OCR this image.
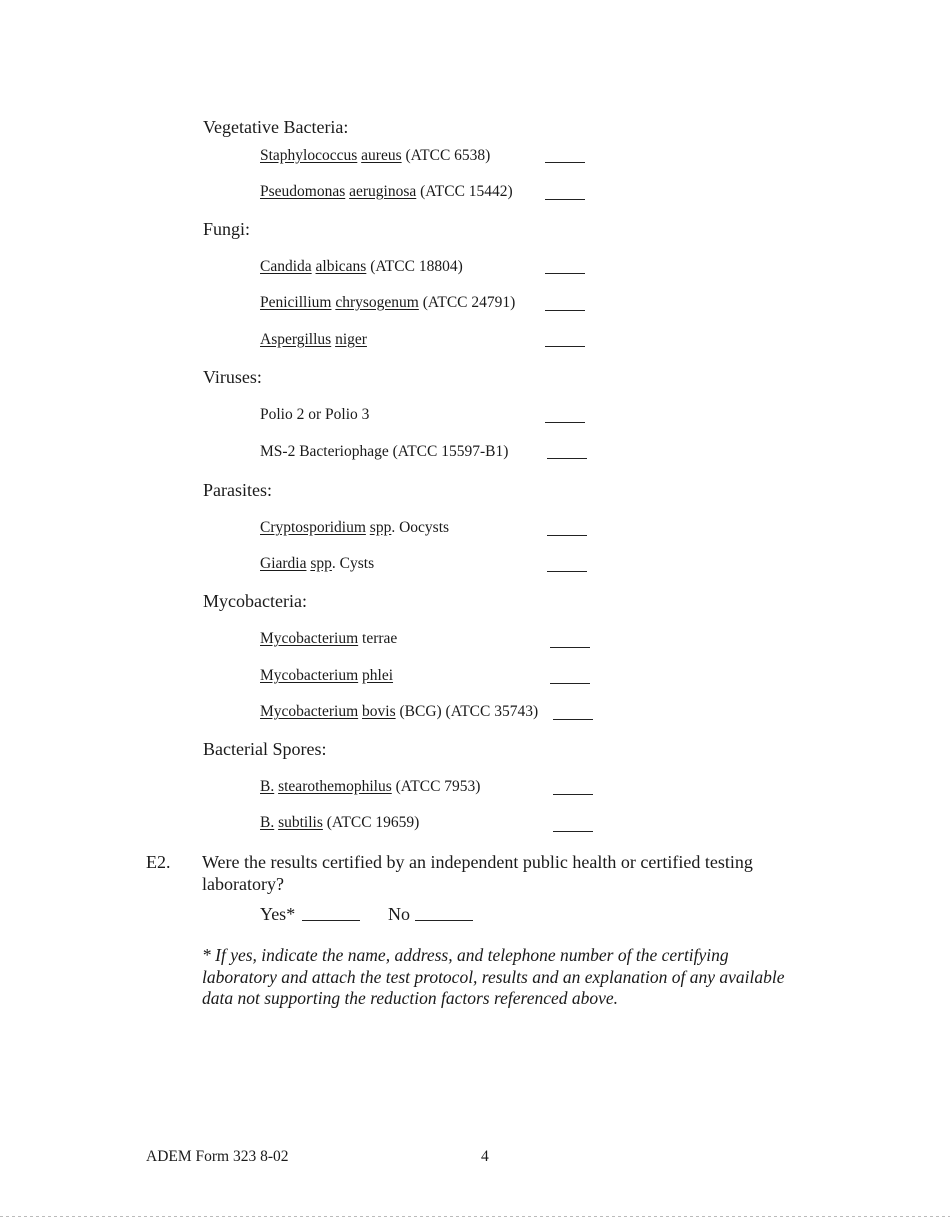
Vegetative Bacteria:
Staphylococcus aureus (ATCC 6538)
Pseudomonas aeruginosa (ATCC 15442)
Fungi:
Candida albicans (ATCC 18804)
Penicillium chrysogenum (ATCC 24791)
Aspergillus niger
Viruses:
Polio 2 or Polio 3
MS-2 Bacteriophage (ATCC 15597-B1)
Parasites:
Cryptosporidium spp. Oocysts
Giardia spp. Cysts
Mycobacteria:
Mycobacterium terrae
Mycobacterium phlei
Mycobacterium bovis (BCG) (ATCC 35743)
Bacterial Spores:
B. stearothemophilus (ATCC 7953)
B. subtilis (ATCC 19659)
E2. Were the results certified by an independent public health or certified testing
laboratory?
Yes*	No
* If yes, indicate the name, address, and telephone number of the certifying laboratory and attach the test protocol, results and an explanation of any available data not supporting the reduction factors referenced above.
ADEM Form 323 8-02	4
